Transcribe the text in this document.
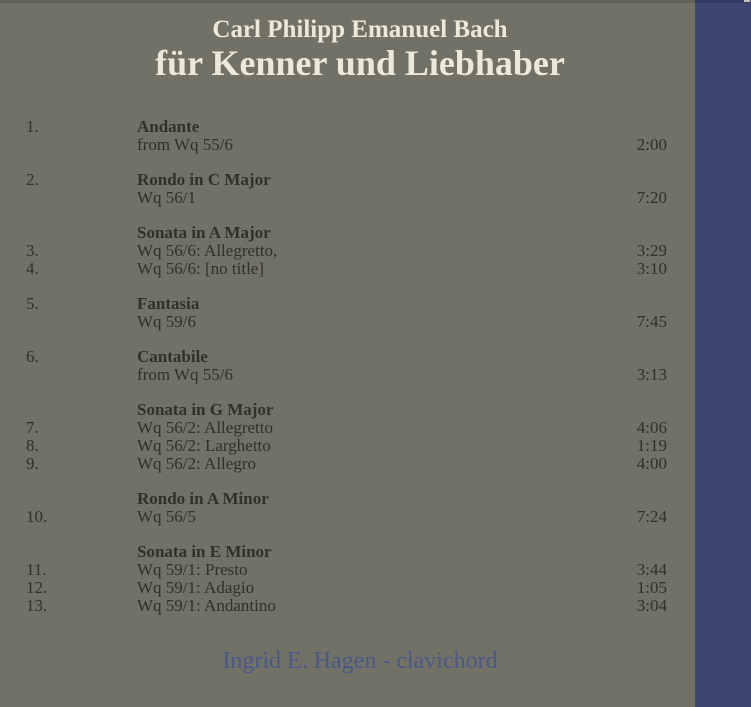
Carl Philipp Emanuel Bach
für Kenner und Liebhaber
1.	Andante
from Wq 55/6	2:00
2.	Rondo in C Major
Wq 56/1	7:20
Sonata in A Major
3.	Wq 56/6: Allegretto,	3:29
4.	Wq 56/6: [no title]	3:10
5.	Fantasia
Wq 59/6	7:45
6.	Cantabile
from Wq 55/6	3:13
Sonata in G Major
7.	Wq 56/2: Allegretto	4:06
8.	Wq 56/2: Larghetto	1:19
9.	Wq 56/2: Allegro	4:00
Rondo in A Minor
10.	Wq 56/5	7:24
Sonata in E Minor
11.	Wq 59/1: Presto	3:44
12.	Wq 59/1: Adagio	1:05
13.	Wq 59/1: Andantino	3:04
Ingrid E. Hagen - clavichord
